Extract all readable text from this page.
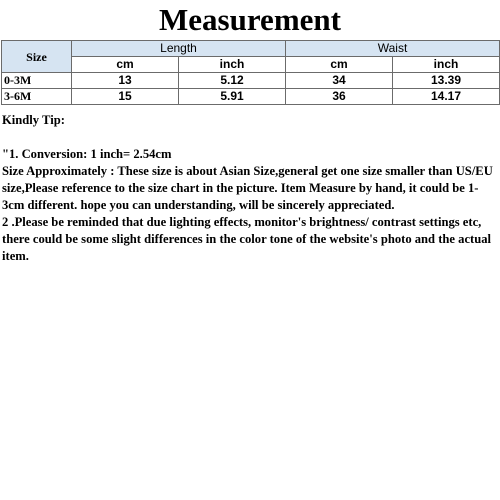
Measurement
Size	Length		Waist	
	cm	inch	cm	inch
0-3M	13	5.12	34	13.39
3-6M	15	5.91	36	14.17

Kindly Tip:

"1. Conversion: 1 inch= 2.54cm

Size Approximately : These size is about Asian Size,general get one size smaller than US/EU size,Please reference to the size chart in the picture. Item Measure by hand, it could be 1-3cm different. hope you can understanding, will be sincerely appreciated.

2 .Please be reminded that due lighting effects, monitor's brightness/ contrast settings etc, there could be some slight differences in the color tone of the website's photo and the actual item.
